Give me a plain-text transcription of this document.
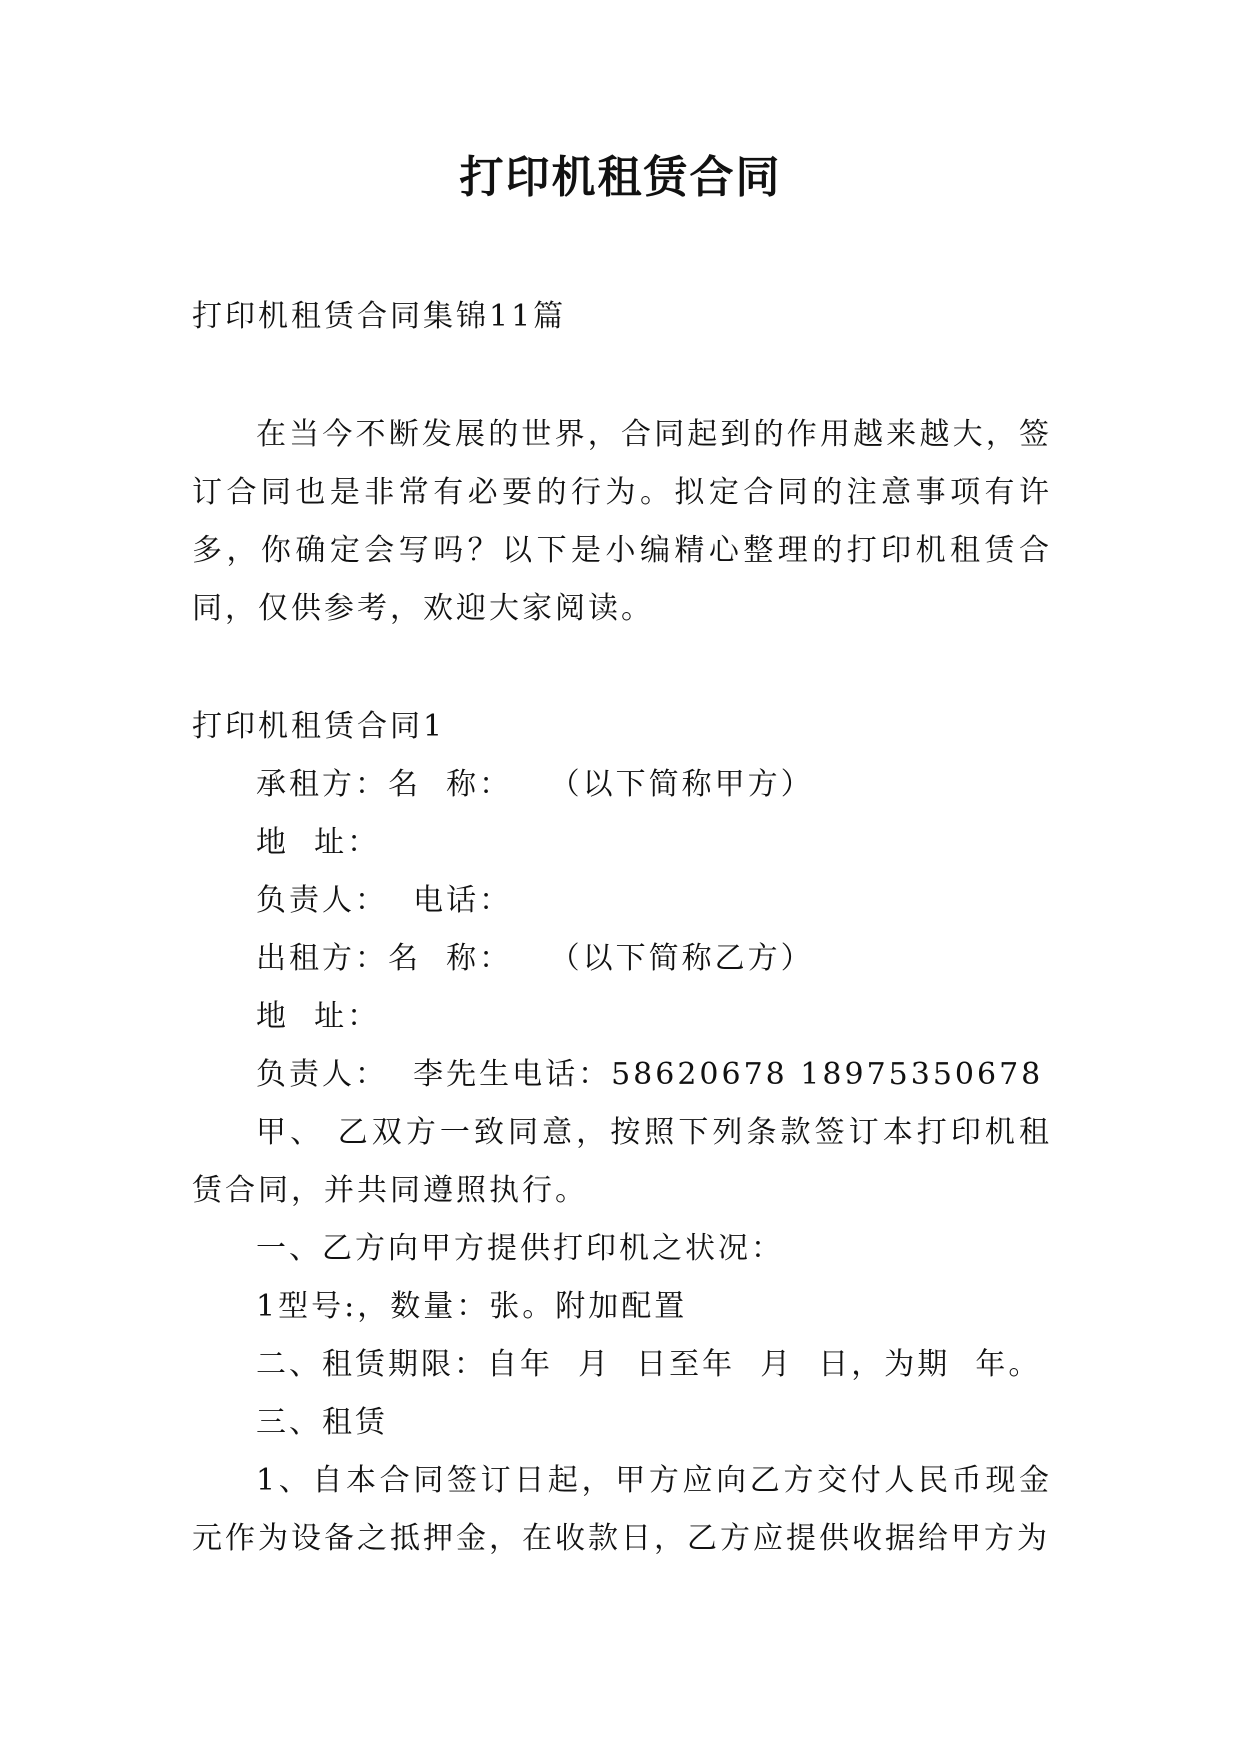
打印机租赁合同

打印机租赁合同集锦11篇

在当今不断发展的世界，合同起到的作用越来越大，签订合同也是非常有必要的行为。拟定合同的注意事项有许多，你确定会写吗？以下是小编精心整理的打印机租赁合同，仅供参考，欢迎大家阅读。

打印机租赁合同1

承租方：名  称：   （以下简称甲方）

地  址：

负责人：  电话：

出租方：名  称：   （以下简称乙方）

地  址：

负责人：  李先生电话：58620678 18975350678

甲、 乙双方一致同意，按照下列条款签订本打印机租赁合同，并共同遵照执行。

一、乙方向甲方提供打印机之状况：

1型号:，数量：张。附加配置

二、租赁期限：自年  月  日至年  月  日，为期  年。

三、租赁

1、自本合同签订日起，甲方应向乙方交付人民币现金元作为设备之抵押金，在收款日，乙方应提供收据给甲方为
